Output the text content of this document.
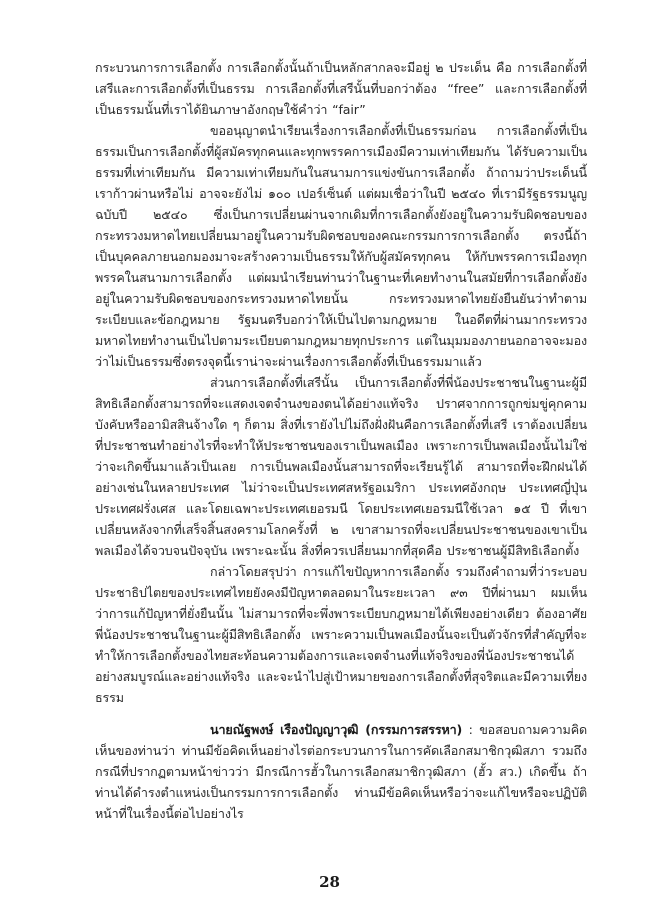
กระบวนการการเลือกตั้ง การเลือกตั้งนั้นถ้าเป็นหลักสากลจะมีอยู่ ๒ ประเด็น คือ การเลือกตั้งที่เสรีและการเลือกตั้งที่เป็นธรรม การเลือกตั้งที่เสรีนั้นที่บอกว่าต้อง “free” และการเลือกตั้งที่เป็นธรรมนั้นที่เราได้ยินภาษาอังกฤษใช้คำว่า “fair”

ขออนุญาตนำเรียนเรื่องการเลือกตั้งที่เป็นธรรมก่อน การเลือกตั้งที่เป็นธรรมเป็นการเลือกตั้งที่ผู้สมัครทุกคนและทุกพรรคการเมืองมีความเท่าเทียมกัน ได้รับความเป็นธรรมที่เท่าเทียมกัน มีความเท่าเทียมกันในสนามการแข่งขันการเลือกตั้ง ถ้าถามว่าประเด็นนี้เราก้าวผ่านหรือไม่ อาจจะยังไม่ ๑๐๐ เปอร์เซ็นต์ แต่ผมเชื่อว่าในปี ๒๕๔๐ ที่เรามีรัฐธรรมนูญฉบับปี ๒๕๔๐ ซึ่งเป็นการเปลี่ยนผ่านจากเดิมที่การเลือกตั้งยังอยู่ในความรับผิดชอบของกระทรวงมหาดไทยเปลี่ยนมาอยู่ในความรับผิดชอบของคณะกรรมการการเลือกตั้ง ตรงนี้ถ้าเป็นบุคคลภายนอกมองมาจะสร้างความเป็นธรรมให้กับผู้สมัครทุกคน ให้กับพรรคการเมืองทุกพรรคในสนามการเลือกตั้ง แต่ผมนำเรียนท่านว่าในฐานะที่เคยทำงานในสมัยที่การเลือกตั้งยังอยู่ในความรับผิดชอบของกระทรวงมหาดไทยนั้น กระทรวงมหาดไทยยังยืนยันว่าทำตามระเบียบและข้อกฎหมาย รัฐมนตรีบอกว่าให้เป็นไปตามกฎหมาย ในอดีตที่ผ่านมากระทรวงมหาดไทยทำงานเป็นไปตามระเบียบตามกฎหมายทุกประการ แต่ในมุมมองภายนอกอาจจะมองว่าไม่เป็นธรรมซึ่งตรงจุดนี้เราน่าจะผ่านเรื่องการเลือกตั้งที่เป็นธรรมมาแล้ว

ส่วนการเลือกตั้งที่เสรีนั้น เป็นการเลือกตั้งที่พี่น้องประชาชนในฐานะผู้มีสิทธิเลือกตั้งสามารถที่จะแสดงเจตจำนงของตนได้อย่างแท้จริง ปราศจากการถูกข่มขู่คุกคามบังคับหรืออามิสสินจ้างใด ๆ ก็ตาม สิ่งที่เรายังไปไม่ถึงฝั่งฝันคือการเลือกตั้งที่เสรี เราต้องเปลี่ยนที่ประชาชนทำอย่างไรที่จะทำให้ประชาชนของเราเป็นพลเมือง เพราะการเป็นพลเมืองนั้นไม่ใช่ว่าจะเกิดขึ้นมาแล้วเป็นเลย การเป็นพลเมืองนั้นสามารถที่จะเรียนรู้ได้ สามารถที่จะฝึกฝนได้ อย่างเช่นในหลายประเทศ ไม่ว่าจะเป็นประเทศสหรัฐอเมริกา ประเทศอังกฤษ ประเทศญี่ปุ่น ประเทศฝรั่งเศส และโดยเฉพาะประเทศเยอรมนี โดยประเทศเยอรมนีใช้เวลา ๑๕ ปี ที่เขาเปลี่ยนหลังจากที่เสร็จสิ้นสงครามโลกครั้งที่ ๒ เขาสามารถที่จะเปลี่ยนประชาชนของเขาเป็นพลเมืองได้จวบจนปัจจุบัน เพราะฉะนั้น สิ่งที่ควรเปลี่ยนมากที่สุดคือ ประชาชนผู้มีสิทธิเลือกตั้ง

กล่าวโดยสรุปว่า การแก้ไขปัญหาการเลือกตั้ง รวมถึงคำถามที่ว่าระบอบประชาธิปไตยของประเทศไทยยังคงมีปัญหาตลอดมาในระยะเวลา ๙๓ ปีที่ผ่านมา ผมเห็นว่าการแก้ปัญหาที่ยั่งยืนนั้น ไม่สามารถที่จะพึ่งพาระเบียบกฎหมายได้เพียงอย่างเดียว ต้องอาศัยพี่น้องประชาชนในฐานะผู้มีสิทธิเลือกตั้ง เพราะความเป็นพลเมืองนั้นจะเป็นตัวจักรที่สำคัญที่จะทำให้การเลือกตั้งของไทยสะท้อนความต้องการและเจตจำนงที่แท้จริงของพี่น้องประชาชนได้อย่างสมบูรณ์และอย่างแท้จริง และจะนำไปสู่เป้าหมายของการเลือกตั้งที่สุจริตและมีความเที่ยงธรรม

นายณัฐพงษ์ เรืองปัญญาวุฒิ (กรรมการสรรหา) : ขอสอบถามความคิดเห็นของท่านว่า ท่านมีข้อคิดเห็นอย่างไรต่อกระบวนการในการคัดเลือกสมาชิกวุฒิสภา รวมถึงกรณีที่ปรากฏตามหน้าข่าวว่า มีกรณีการฮั้วในการเลือกสมาชิกวุฒิสภา (ฮั้ว สว.) เกิดขึ้น ถ้าท่านได้ดำรงตำแหน่งเป็นกรรมการการเลือกตั้ง ท่านมีข้อคิดเห็นหรือว่าจะแก้ไขหรือจะปฏิบัติหน้าที่ในเรื่องนี้ต่อไปอย่างไร

28
